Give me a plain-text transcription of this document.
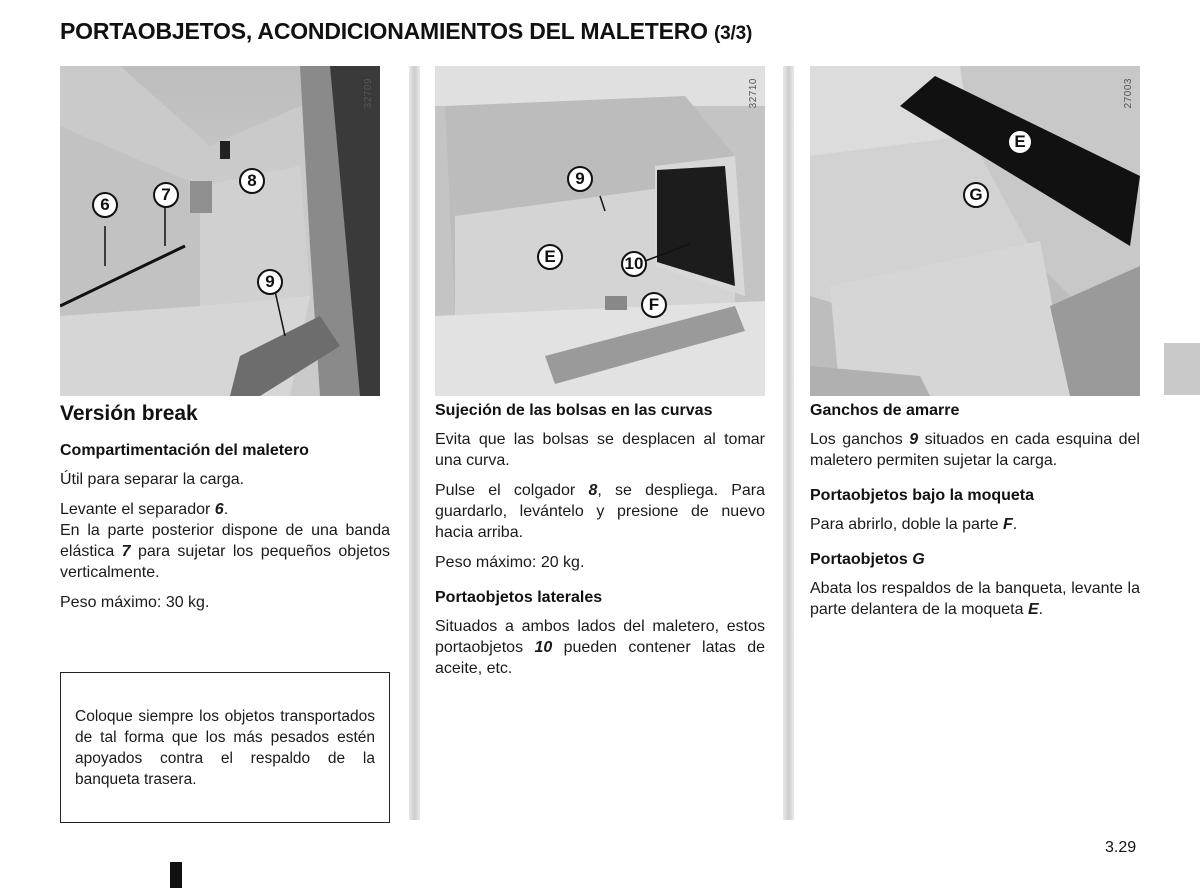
PORTAOBJETOS, ACONDICIONAMIENTOS DEL MALETERO (3/3)
32709
6
7
8
9
32710
9
E	10
F
27003
E
G
Versión break
Compartimentación del maletero

Útil para separar la carga.

Levante el separador 6.
En la parte posterior dispone de una banda elástica 7 para sujetar los pequeños objetos verticalmente.

Peso máximo: 30 kg.

Coloque siempre los objetos transportados de tal forma que los más pesados estén apoyados contra el respaldo de la banqueta trasera.

Sujeción de las bolsas en las curvas

Evita que las bolsas se desplacen al tomar una curva.

Pulse el colgador 8, se despliega. Para guardarlo, levántelo y presione de nuevo hacia arriba.

Peso máximo: 20 kg.

Portaobjetos laterales

Situados a ambos lados del maletero, estos portaobjetos 10 pueden contener latas de aceite, etc.

Ganchos de amarre

Los ganchos 9 situados en cada esquina del maletero permiten sujetar la carga.

Portaobjetos bajo la moqueta

Para abrirlo, doble la parte F.

Portaobjetos G

Abata los respaldos de la banqueta, levante la parte delantera de la moqueta E.

3.29
